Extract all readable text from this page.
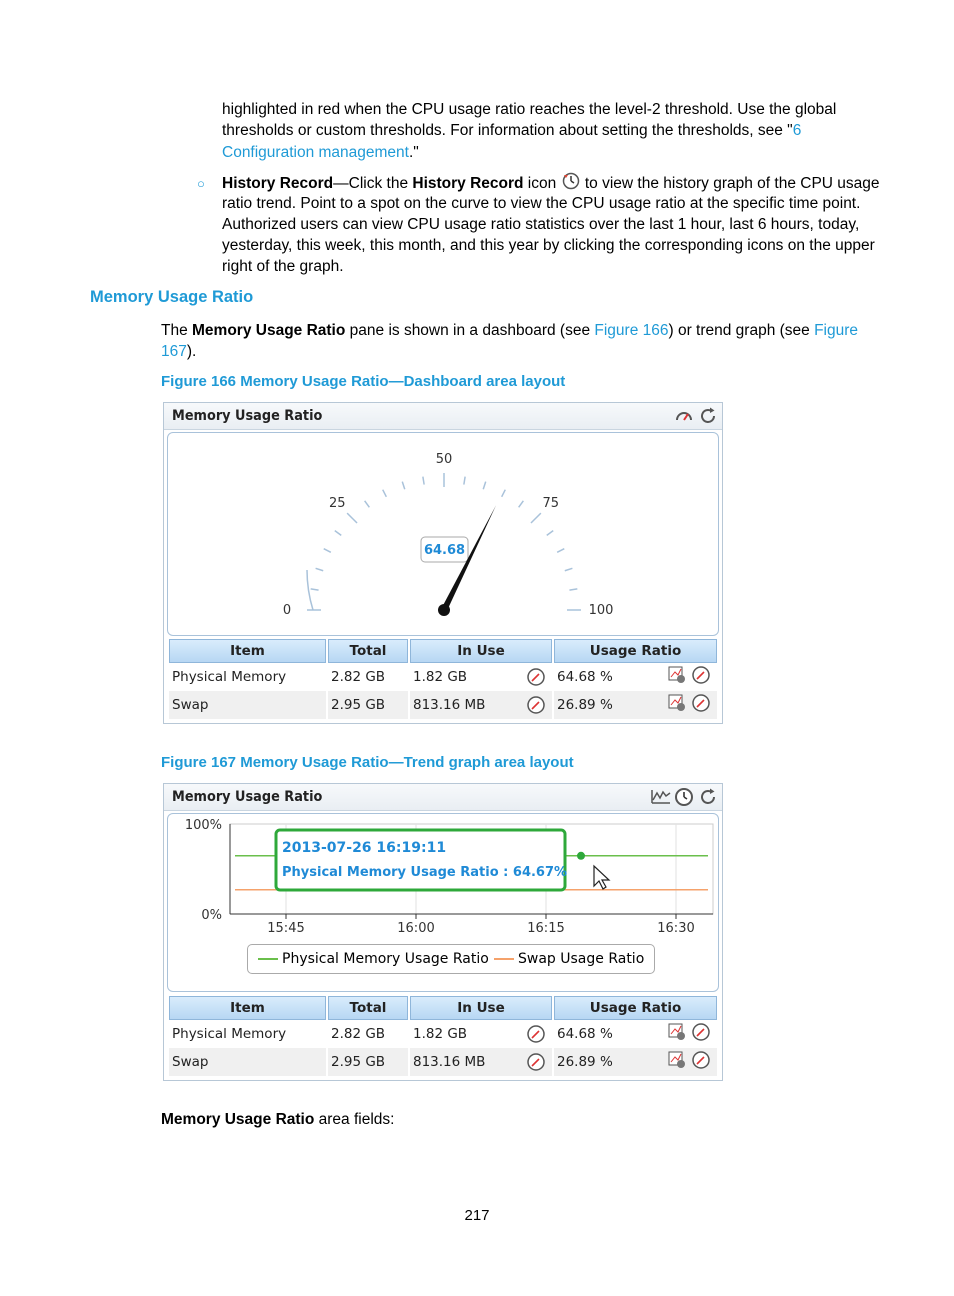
highlighted in red when the CPU usage ratio reaches the level-2 threshold. Use the global

thresholds or custom thresholds. For information about setting the thresholds, see "6

Configuration management."

○ History Record—Click the History Record icon  to view the history graph of the CPU usage

ratio trend. Point to a spot on the curve to view the CPU usage ratio at the specific time point.

Authorized users can view CPU usage ratio statistics over the last 1 hour, last 6 hours, today,

yesterday, this week, this month, and this year by clicking the corresponding icons on the upper

right of the graph.

Memory Usage Ratio

The Memory Usage Ratio pane is shown in a dashboard (see Figure 166) or trend graph (see Figure

167).

Figure 166 Memory Usage Ratio—Dashboard area layout
Memory Usage Ratio
0
25
50
75
100
64.68
Item	Total	In Use	Usage Ratio
Physical Memory	2.82 GB	1.82 GB	64.68 %

Swap	2.95 GB	813.16 MB	26.89 %

Figure 167 Memory Usage Ratio—Trend graph area layout
Memory Usage Ratio
15:45	16:00	16:15	16:30
100%
0%
2013-07-26 16:19:11
Physical Memory Usage Ratio : 64.67%
Physical Memory Usage Ratio Swap Usage Ratio
Item	Total	In Use	Usage Ratio
Physical Memory	2.82 GB	1.82 GB	64.68 %

Swap	2.95 GB	813.16 MB	26.89 %

Memory Usage Ratio area fields:

217
